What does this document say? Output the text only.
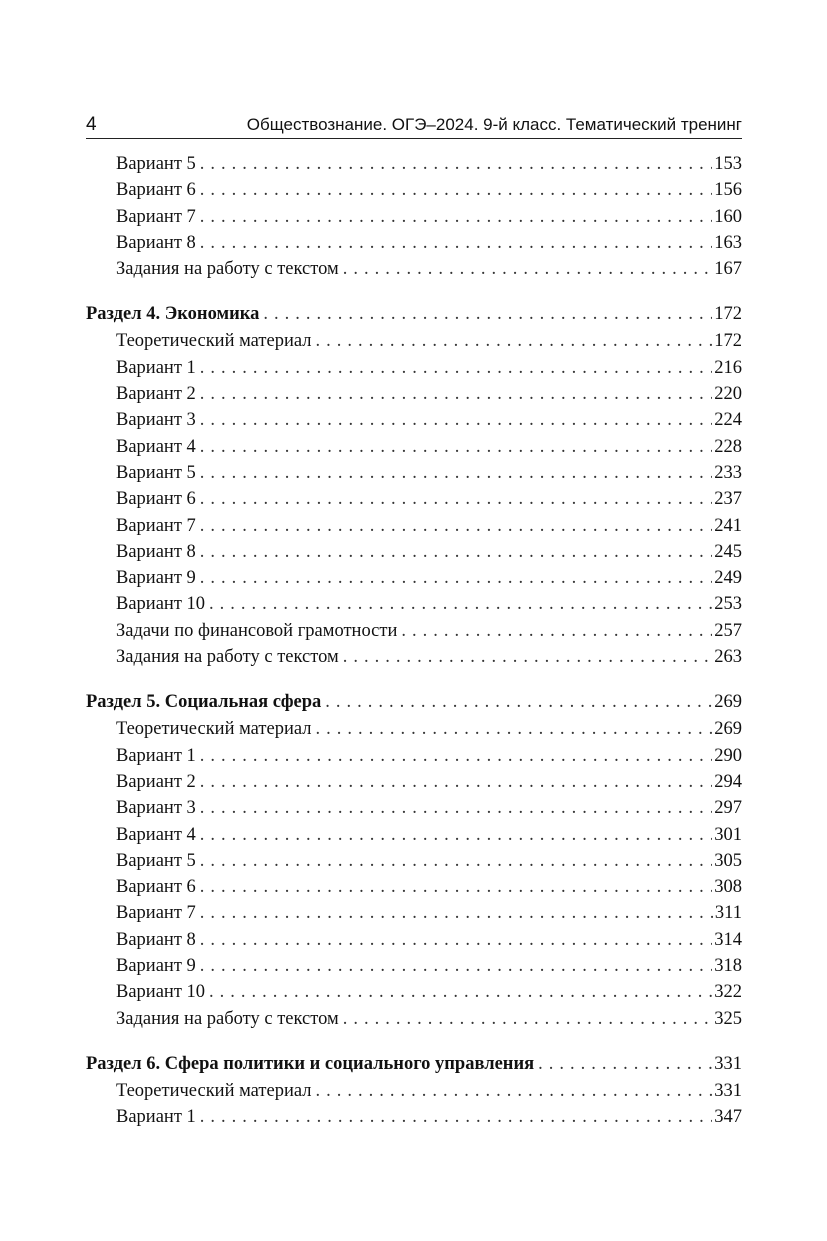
4	Обществознание. ОГЭ–2024. 9-й класс. Тематический тренинг
Вариант 5 .....	153
Вариант 6 .....	156
Вариант 7 .....	160
Вариант 8 .....	163
Задания на работу с текстом .....	167
Раздел 4. Экономика .....	172
Теоретический материал .....	172
Вариант 1 .....	216
Вариант 2 .....	220
Вариант 3 .....	224
Вариант 4 .....	228
Вариант 5 .....	233
Вариант 6 .....	237
Вариант 7 .....	241
Вариант 8 .....	245
Вариант 9 .....	249
Вариант 10 .....	253
Задачи по финансовой грамотности .....	257
Задания на работу с текстом .....	263
Раздел 5. Социальная сфера .....	269
Теоретический материал .....	269
Вариант 1 .....	290
Вариант 2 .....	294
Вариант 3 .....	297
Вариант 4 .....	301
Вариант 5 .....	305
Вариант 6 .....	308
Вариант 7 .....	311
Вариант 8 .....	314
Вариант 9 .....	318
Вариант 10 .....	322
Задания на работу с текстом .....	325
Раздел 6. Сфера политики и социального управления .....	331
Теоретический материал .....	331
Вариант 1 .....	347
